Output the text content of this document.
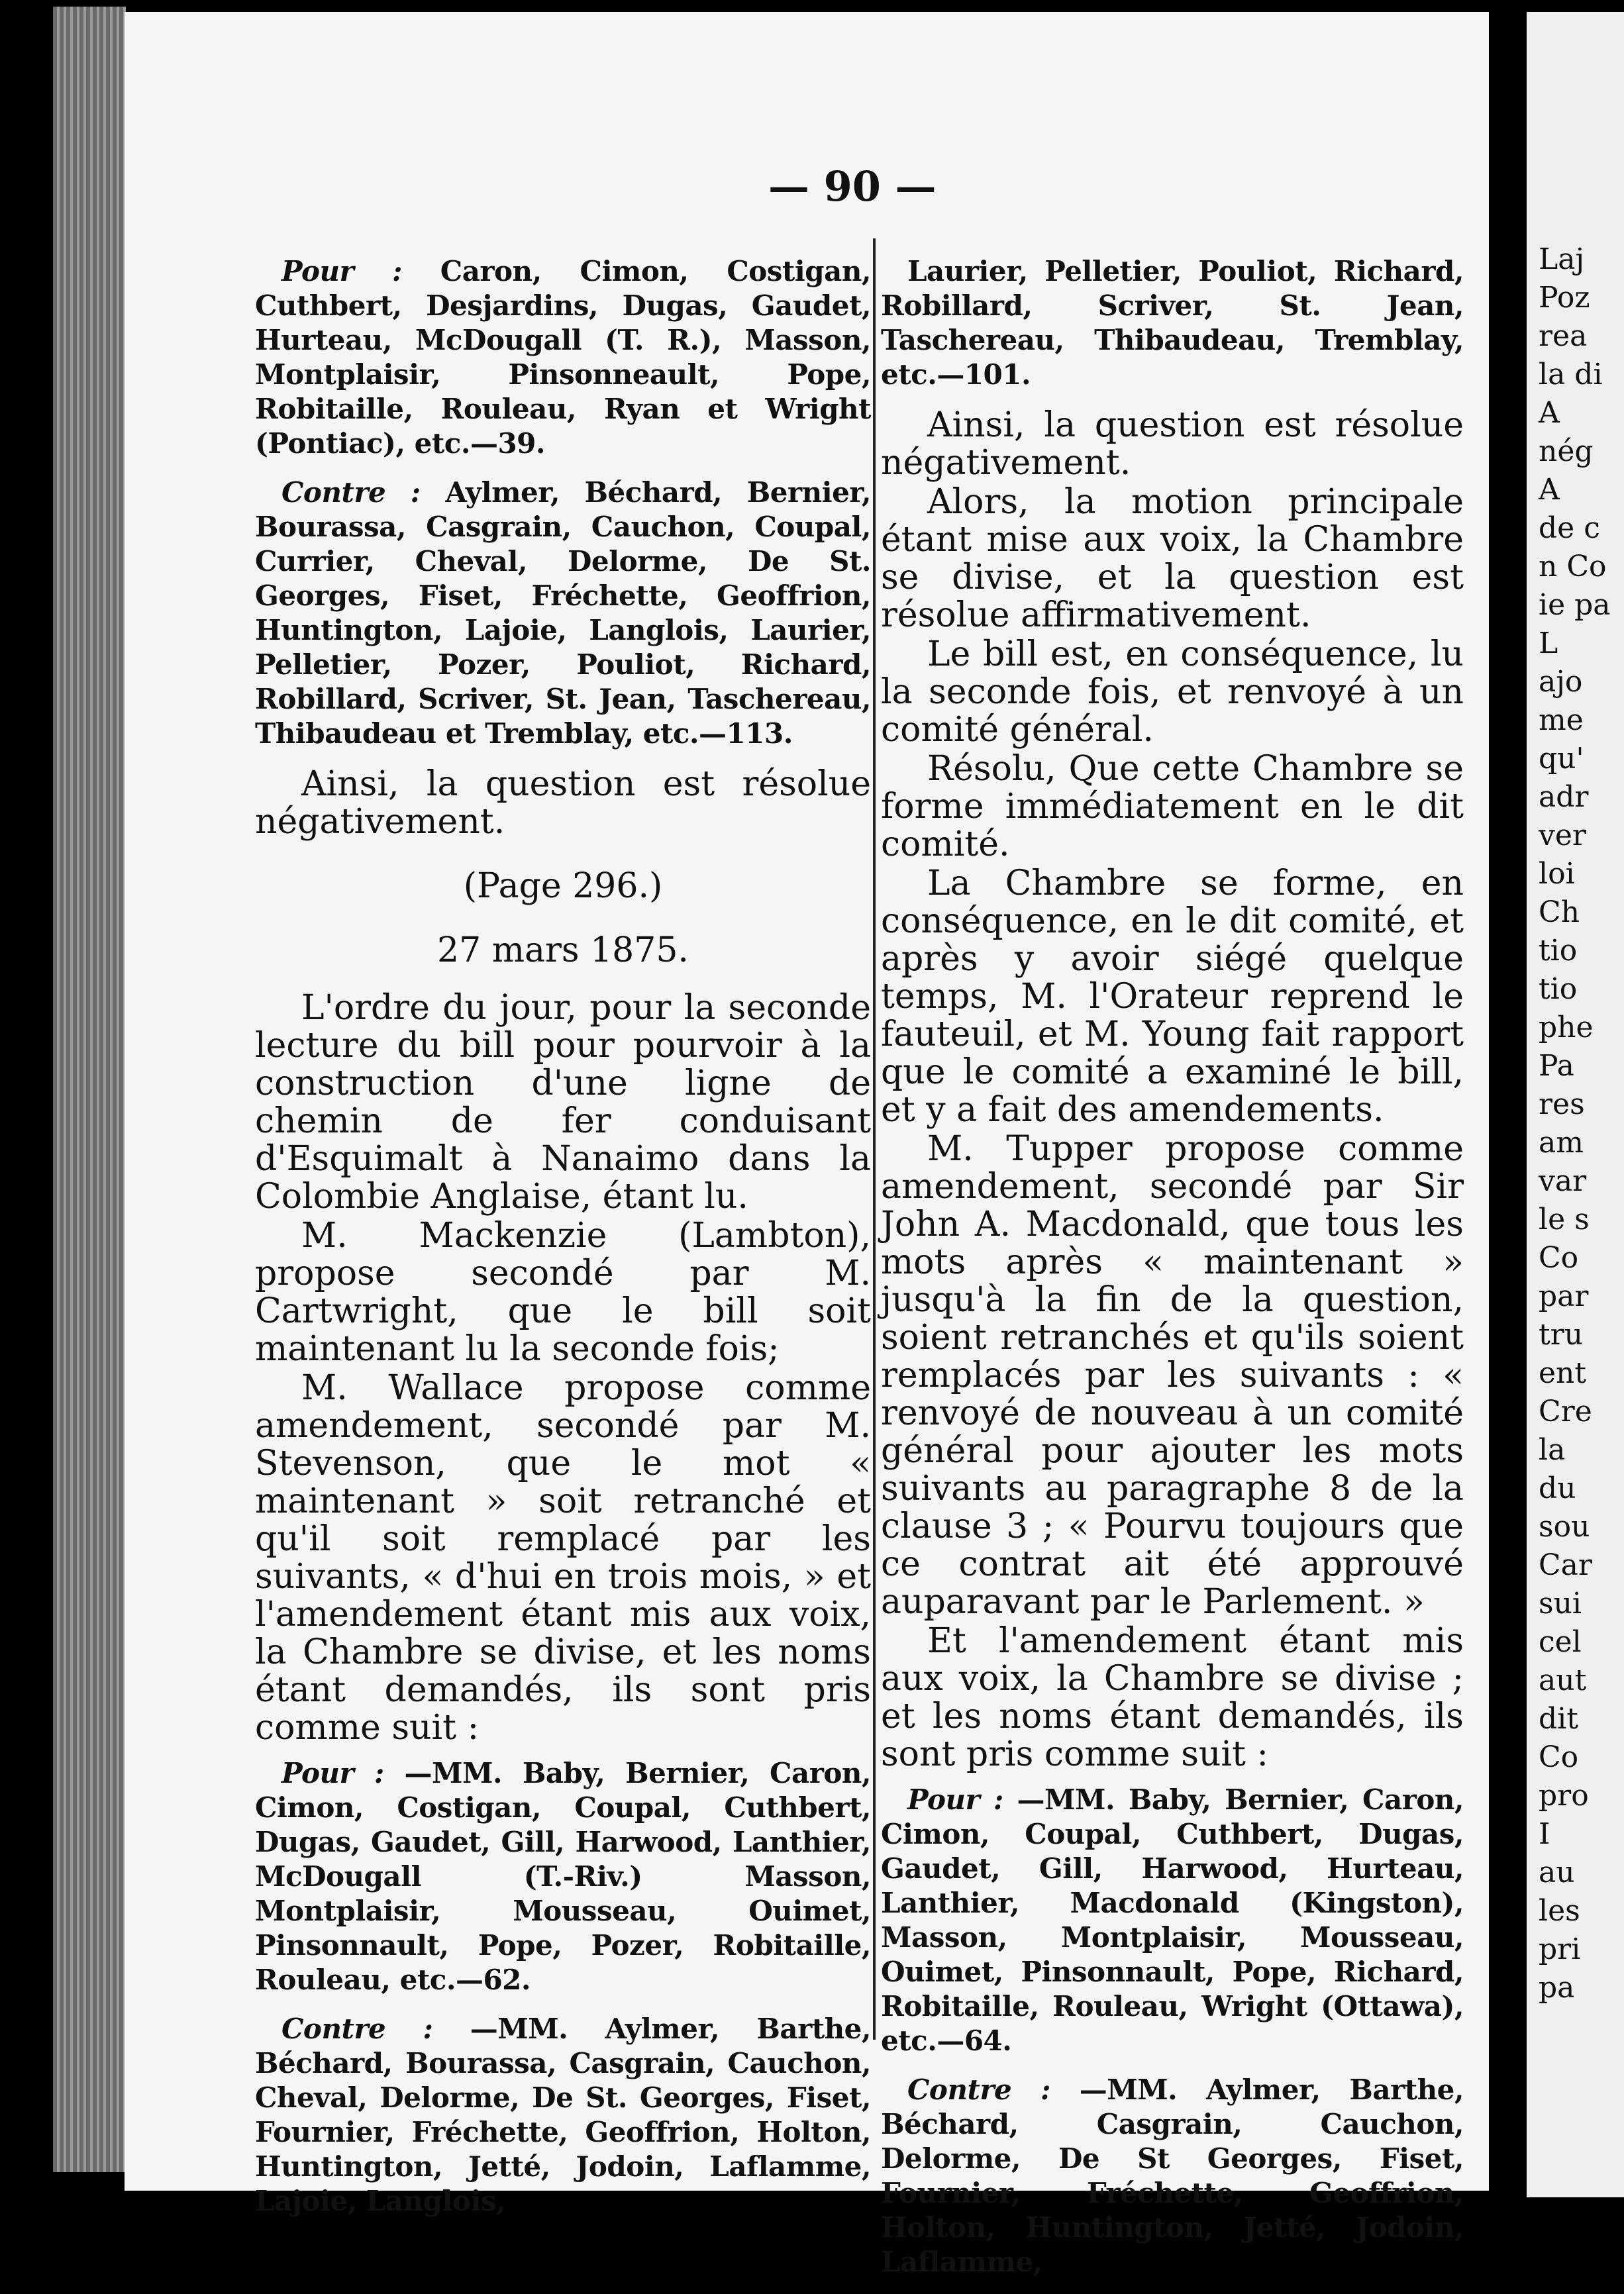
Laj
Poz
rea
la di
A
nég
A
de c
n Co
ie pa
L
ajo
me
qu'
adr
ver
loi
Ch
tio
tio
phe
Pa
res
am
var
le s
Co
par
tru
ent
Cre
la
du
sou
Car
sui
cel
aut
dit
Co
pro
I
au
les
pri
pa
— 90 —

Pour : Caron, Cimon, Costigan, Cuthbert, Desjardins, Dugas, Gaudet, Hurteau, McDougall (T. R.), Masson, Montplaisir, Pinsonneault, Pope, Robitaille, Rouleau, Ryan et Wright (Pontiac), etc.—39.

Contre : Aylmer, Béchard, Bernier, Bourassa, Casgrain, Cauchon, Coupal, Currier, Cheval, Delorme, De St. Georges, Fiset, Fréchette, Geoffrion, Huntington, Lajoie, Langlois, Laurier, Pelletier, Pozer, Pouliot, Richard, Robillard, Scriver, St. Jean, Taschereau, Thibaudeau et Tremblay, etc.—113.

Ainsi, la question est résolue négativement.

(Page 296.)

27 mars 1875.

L'ordre du jour, pour la seconde lecture du bill pour pourvoir à la construction d'une ligne de chemin de fer conduisant d'Esquimalt à Nanaimo dans la Colombie Anglaise, étant lu.

M. Mackenzie (Lambton), propose secondé par M. Cartwright, que le bill soit maintenant lu la seconde fois;

M. Wallace propose comme amendement, secondé par M. Stevenson, que le mot « maintenant » soit retranché et qu'il soit remplacé par les suivants, « d'hui en trois mois, » et l'amendement étant mis aux voix, la Chambre se divise, et les noms étant demandés, ils sont pris comme suit :

Pour : —MM. Baby, Bernier, Caron, Cimon, Costigan, Coupal, Cuthbert, Dugas, Gaudet, Gill, Harwood, Lanthier, McDougall (T.-Riv.) Masson, Montplaisir, Mousseau, Ouimet, Pinsonnault, Pope, Pozer, Robitaille, Rouleau, etc.—62.

Contre : —MM. Aylmer, Barthe, Béchard, Bourassa, Casgrain, Cauchon, Cheval, Delorme, De St. Georges, Fiset, Fournier, Fréchette, Geoffrion, Holton, Huntington, Jetté, Jodoin, Laflamme, Lajoie, Langlois,

Laurier, Pelletier, Pouliot, Richard, Robillard, Scriver, St. Jean, Taschereau, Thibaudeau, Tremblay, etc.—101.

Ainsi, la question est résolue négativement.

Alors, la motion principale étant mise aux voix, la Chambre se divise, et la question est résolue affirmativement.

Le bill est, en conséquence, lu la seconde fois, et renvoyé à un comité général.

Résolu, Que cette Chambre se forme immédiatement en le dit comité.

La Chambre se forme, en conséquence, en le dit comité, et après y avoir siégé quelque temps, M. l'Orateur reprend le fauteuil, et M. Young fait rapport que le comité a examiné le bill, et y a fait des amendements.

M. Tupper propose comme amendement, secondé par Sir John A. Macdonald, que tous les mots après « maintenant » jusqu'à la fin de la question, soient retranchés et qu'ils soient remplacés par les suivants : « renvoyé de nouveau à un comité général pour ajouter les mots suivants au paragraphe 8 de la clause 3 ; « Pourvu toujours que ce contrat ait été approuvé auparavant par le Parlement. »

Et l'amendement étant mis aux voix, la Chambre se divise ; et les noms étant demandés, ils sont pris comme suit :

Pour : —MM. Baby, Bernier, Caron, Cimon, Coupal, Cuthbert, Dugas, Gaudet, Gill, Harwood, Hurteau, Lanthier, Macdonald (Kingston), Masson, Montplaisir, Mousseau, Ouimet, Pinsonnault, Pope, Richard, Robitaille, Rouleau, Wright (Ottawa), etc.—64.

Contre : —MM. Aylmer, Barthe, Béchard, Casgrain, Cauchon, Delorme, De St Georges, Fiset, Fournier, Fréchette, Geoffrion, Holton, Huntington, Jetté, Jodoin, Laflamme,
